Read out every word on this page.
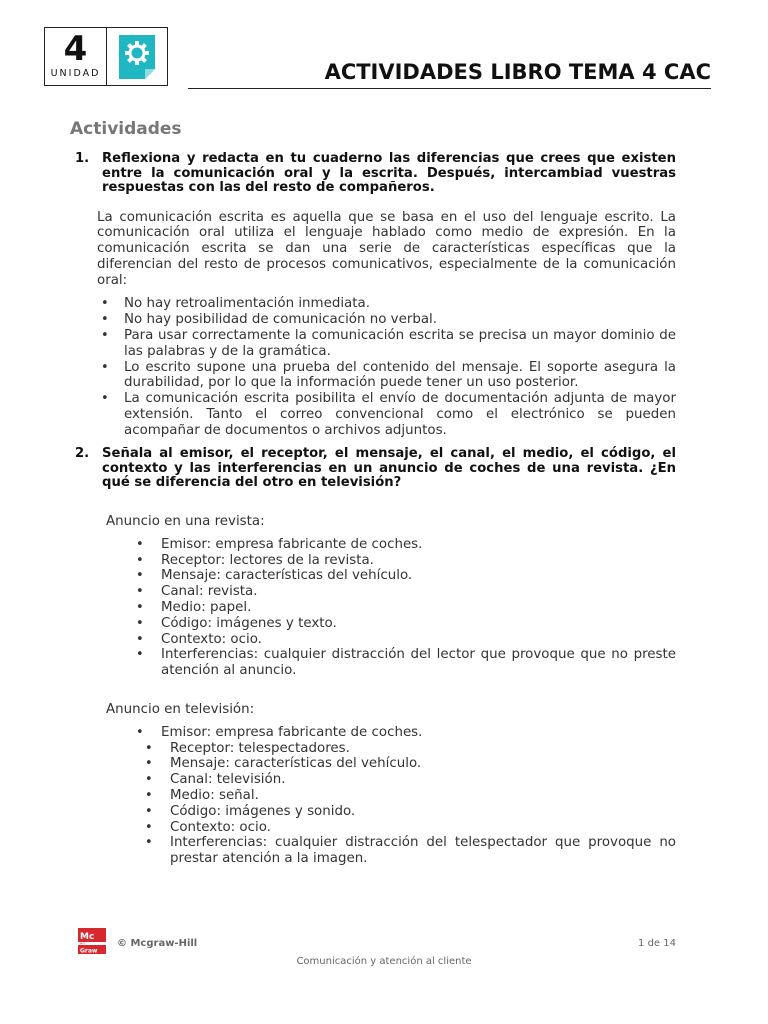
4
UNIDAD	ACTIVIDADES LIBRO TEMA 4 CAC
Actividades
1. Reflexiona y redacta en tu cuaderno las diferencias que crees que existen entre la comunicación oral y la escrita. Después, intercambiad vuestras respuestas con las del resto de compañeros.
La comunicación escrita es aquella que se basa en el uso del lenguaje escrito. La comunicación oral utiliza el lenguaje hablado como medio de expresión. En la comunicación escrita se dan una serie de características específicas que la diferencian del resto de procesos comunicativos, especialmente de la comunicación oral:
• No hay retroalimentación inmediata.
• No hay posibilidad de comunicación no verbal.
• Para usar correctamente la comunicación escrita se precisa un mayor dominio de las palabras y de la gramática.
• Lo escrito supone una prueba del contenido del mensaje. El soporte asegura la durabilidad, por lo que la información puede tener un uso posterior.
• La comunicación escrita posibilita el envío de documentación adjunta de mayor extensión. Tanto el correo convencional como el electrónico se pueden acompañar de documentos o archivos adjuntos.
2. Señala al emisor, el receptor, el mensaje, el canal, el medio, el código, el contexto y las interferencias en un anuncio de coches de una revista. ¿En qué se diferencia del otro en televisión?
Anuncio en una revista:
• Emisor: empresa fabricante de coches.
• Receptor: lectores de la revista.
• Mensaje: características del vehículo.
• Canal: revista.
• Medio: papel.
• Código: imágenes y texto.
• Contexto: ocio.
• Interferencias: cualquier distracción del lector que provoque que no preste atención al anuncio.
Anuncio en televisión:
• Emisor: empresa fabricante de coches.
• Receptor: telespectadores.
• Mensaje: características del vehículo.
• Canal: televisión.
• Medio: señal.
• Código: imágenes y sonido.
• Contexto: ocio.
• Interferencias: cualquier distracción del telespectador que provoque no prestar atención a la imagen.
Mc
Graw
Hill	© Mcgraw-Hill	1 de 14
Comunicación y atención al cliente
